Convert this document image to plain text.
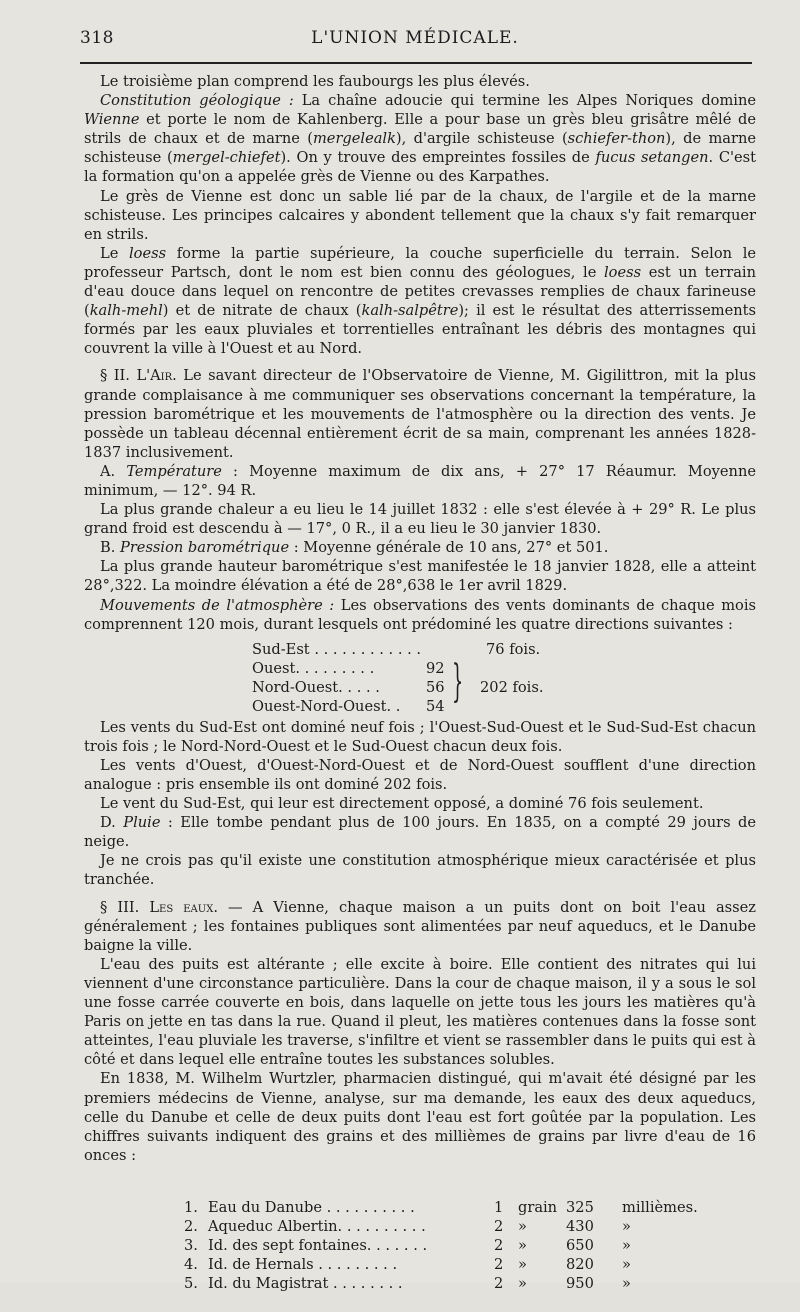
318	L'UNION MÉDICALE.

Le troisième plan comprend les faubourgs les plus élevés.

Constitution géologique : La chaîne adoucie qui termine les Alpes Noriques domine Wienne et porte le nom de Kahlenberg. Elle a pour base un grès bleu grisâtre mêlé de strils de chaux et de marne (mergelealk), d'argile schisteuse (schiefer-thon), de marne schisteuse (mergel-chiefet). On y trouve des empreintes fossiles de fucus setangen. C'est la formation qu'on a appelée grès de Vienne ou des Karpathes.

Le grès de Vienne est donc un sable lié par de la chaux, de l'argile et de la marne schisteuse. Les principes calcaires y abondent tellement que la chaux s'y fait remarquer en strils.

Le loess forme la partie supérieure, la couche superficielle du terrain. Selon le professeur Partsch, dont le nom est bien connu des géologues, le loess est un terrain d'eau douce dans lequel on rencontre de petites crevasses remplies de chaux farineuse (kalh-mehl) et de nitrate de chaux (kalh-salpêtre); il est le résultat des atterrissements formés par les eaux pluviales et torrentielles entraînant les débris des montagnes qui couvrent la ville à l'Ouest et au Nord.

§ II. L'Air. Le savant directeur de l'Observatoire de Vienne, M. Gigilittron, mit la plus grande complaisance à me communiquer ses observations concernant la température, la pression barométrique et les mouvements de l'atmosphère ou la direction des vents. Je possède un tableau décennal entièrement écrit de sa main, comprenant les années 1828-1837 inclusivement.

A. Température : Moyenne maximum de dix ans, + 27° 17 Réaumur. Moyenne minimum, — 12°. 94 R.

La plus grande chaleur a eu lieu le 14 juillet 1832 : elle s'est élevée à + 29° R. Le plus grand froid est descendu à — 17°, 0 R., il a eu lieu le 30 janvier 1830.

B. Pression barométrique : Moyenne générale de 10 ans, 27° et 501.

La plus grande hauteur barométrique s'est manifestée le 18 janvier 1828, elle a atteint 28°,322. La moindre élévation a été de 28°,638 le 1er avril 1829.

Mouvements de l'atmosphère : Les observations des vents dominants de chaque mois comprennent 120 mois, durant lesquels ont prédominé les quatre directions suivantes :

Sud-Est . . . . . . . . . . . .	76 fois.
Ouest. . . . . . . . .	92
Nord-Ouest. . . . .	56
Ouest-Nord-Ouest. . 54 } 202 fois.

Les vents du Sud-Est ont dominé neuf fois ; l'Ouest-Sud-Ouest et le Sud-Sud-Est chacun trois fois ; le Nord-Nord-Ouest et le Sud-Ouest chacun deux fois.

Les vents d'Ouest, d'Ouest-Nord-Ouest et de Nord-Ouest soufflent d'une direction analogue : pris ensemble ils ont dominé 202 fois.

Le vent du Sud-Est, qui leur est directement opposé, a dominé 76 fois seulement.

D. Pluie : Elle tombe pendant plus de 100 jours. En 1835, on a compté 29 jours de neige.

Je ne crois pas qu'il existe une constitution atmosphérique mieux caractérisée et plus tranchée.

§ III. Les eaux. — A Vienne, chaque maison a un puits dont on boit l'eau assez généralement ; les fontaines publiques sont alimentées par neuf aqueducs, et le Danube baigne la ville.

L'eau des puits est altérante ; elle excite à boire. Elle contient des nitrates qui lui viennent d'une circonstance particulière. Dans la cour de chaque maison, il y a sous le sol une fosse carrée couverte en bois, dans laquelle on jette tous les jours les matières qu'à Paris on jette en tas dans la rue. Quand il pleut, les matières contenues dans la fosse sont atteintes, l'eau pluviale les traverse, s'infiltre et vient se rassembler dans le puits qui est à côté et dans lequel elle entraîne toutes les substances solubles.

En 1838, M. Wilhelm Wurtzler, pharmacien distingué, qui m'avait été désigné par les premiers médecins de Vienne, analyse, sur ma demande, les eaux des deux aqueducs, celle du Danube et celle de deux puits dont l'eau est fort goûtée par la population. Les chiffres suivants indiquent des grains et des millièmes de grains par livre d'eau de 16 onces :

1. Eau du Danube . . . . . . . . . .	1 grain 325 millièmes.

2. Aqueduc Albertin. . . . . . . . . .	2 »	430 »

3. Id. des sept fontaines. . . . . . .	2 »	650 »

4. Id. de Hernals . . . . . . . . .	2 »	820 »

5. Id. du Magistrat . . . . . . . .	2 »	950 »
